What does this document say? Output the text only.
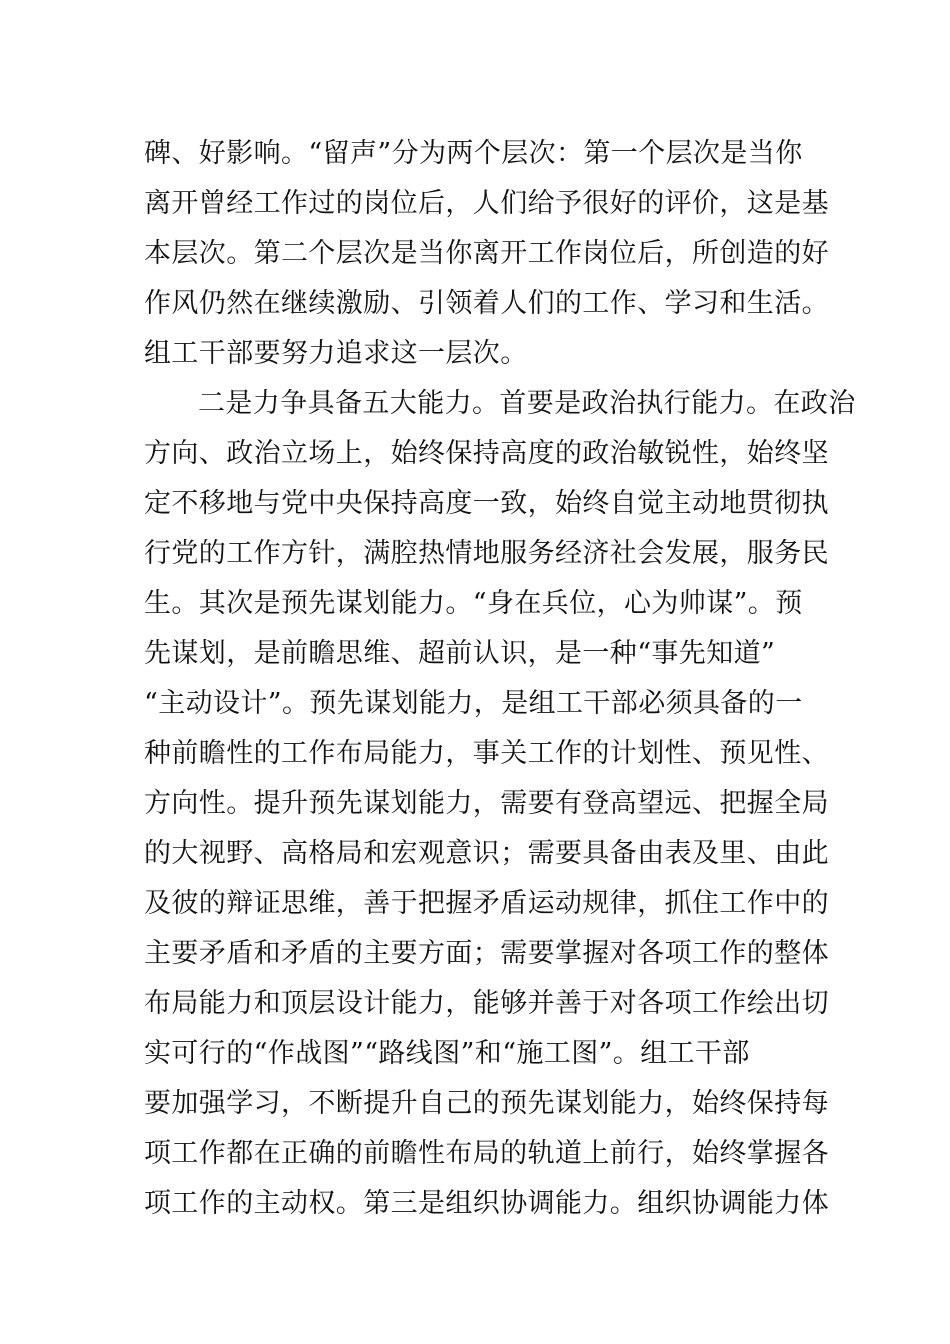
碑、好影响。“留声”分为两个层次：第一个层次是当你
离开曾经工作过的岗位后，人们给予很好的评价，这是基
本层次。第二个层次是当你离开工作岗位后，所创造的好
作风仍然在继续激励、引领着人们的工作、学习和生活。
组工干部要努力追求这一层次。
二是力争具备五大能力。首要是政治执行能力。在政治
方向、政治立场上，始终保持高度的政治敏锐性，始终坚
定不移地与党中央保持高度一致，始终自觉主动地贯彻执
行党的工作方针，满腔热情地服务经济社会发展，服务民
生。其次是预先谋划能力。“身在兵位，心为帅谋”。预
先谋划，是前瞻思维、超前认识，是一种“事先知道”
“主动设计”。预先谋划能力，是组工干部必须具备的一
种前瞻性的工作布局能力，事关工作的计划性、预见性、
方向性。提升预先谋划能力，需要有登高望远、把握全局
的大视野、高格局和宏观意识；需要具备由表及里、由此
及彼的辩证思维，善于把握矛盾运动规律，抓住工作中的
主要矛盾和矛盾的主要方面；需要掌握对各项工作的整体
布局能力和顶层设计能力，能够并善于对各项工作绘出切
实可行的“作战图”“路线图”和“施工图”。组工干部
要加强学习，不断提升自己的预先谋划能力，始终保持每
项工作都在正确的前瞻性布局的轨道上前行，始终掌握各
项工作的主动权。第三是组织协调能力。组织协调能力体
